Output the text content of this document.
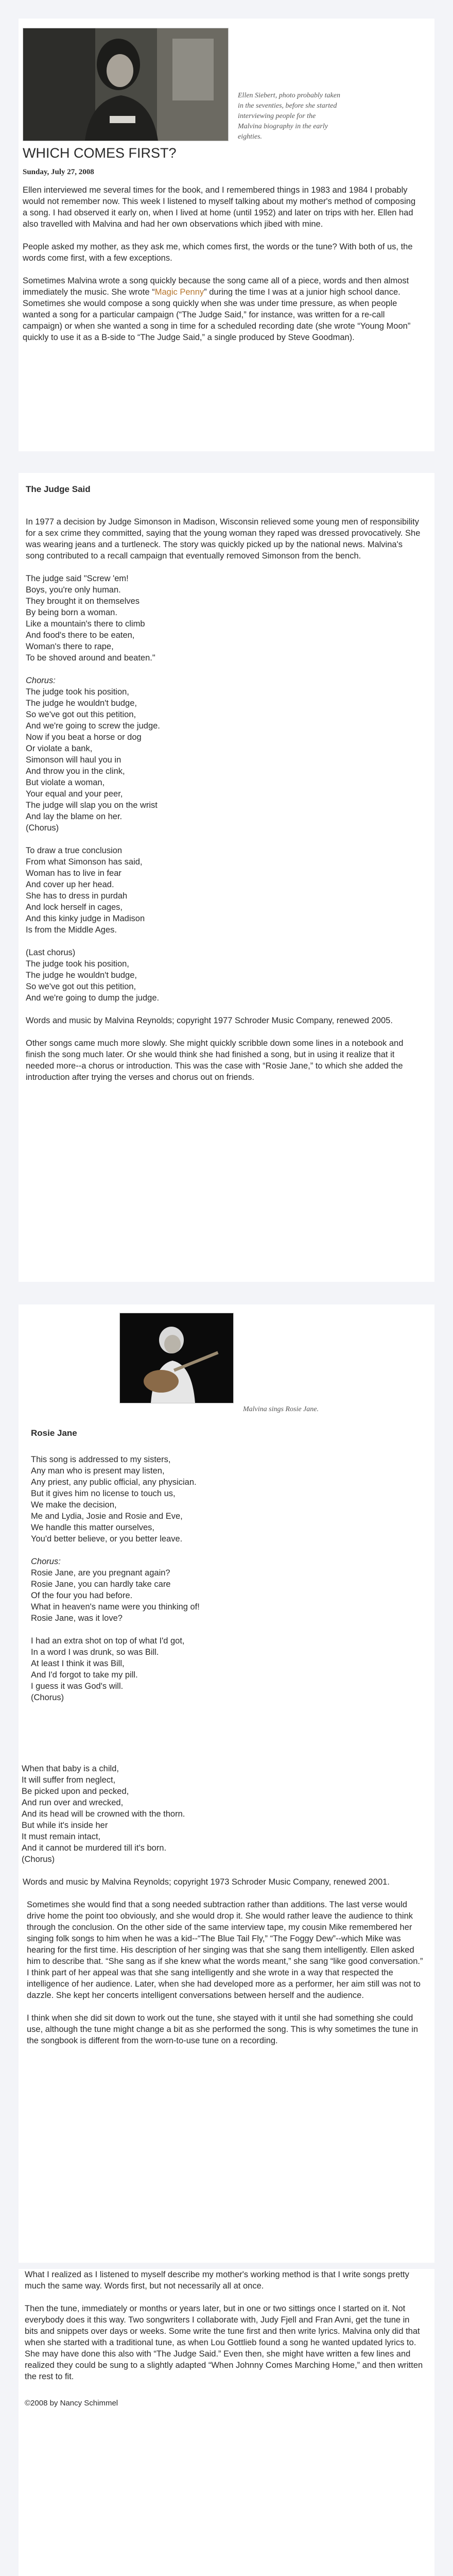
Ellen Siebert, photo probably taken in the seventies, before she started interviewing people for the Malvina biography in the early eighties.
WHICH COMES FIRST?
Sunday, July 27, 2008

Ellen interviewed me several times for the book, and I remembered things in 1983 and 1984 I probably would not remember now. This week I listened to myself talking about my mother's method of composing a song. I had observed it early on, when I lived at home (until 1952) and later on trips with her. Ellen had also travelled with Malvina and had her own observations which jibed with mine.

People asked my mother, as they ask me, which comes first, the words or the tune? With both of us, the words come first, with a few exceptions.

Sometimes Malvina wrote a song quickly because the song came all of a piece, words and then almost immediately the music. She wrote “Magic Penny” during the time I was at a junior high school dance. Sometimes she would compose a song quickly when she was under time pressure, as when people wanted a song for a particular campaign (“The Judge Said,” for instance, was written for a re-call campaign) or when she wanted a song in time for a scheduled recording date (she wrote “Young Moon” quickly to use it as a B-side to “The Judge Said,” a single produced by Steve Goodman).

The Judge Said

In 1977 a decision by Judge Simonson in Madison, Wisconsin relieved some young men of responsibility for a sex crime they committed, saying that the young woman they raped was dressed provocatively. She was wearing jeans and a turtleneck. The story was quickly picked up by the national news. Malvina's song contributed to a recall campaign that eventually removed Simonson from the bench.

The judge said "Screw 'em!
Boys, you're only human.
They brought it on themselves
By being born a woman.
Like a mountain's there to climb
And food's there to be eaten,
Woman's there to rape,
To be shoved around and beaten."
Chorus:
The judge took his position,
The judge he wouldn't budge,
So we've got out this petition,
And we're going to screw the judge.
Now if you beat a horse or dog
Or violate a bank,
Simonson will haul you in
And throw you in the clink,
But violate a woman,
Your equal and your peer,
The judge will slap you on the wrist
And lay the blame on her.
(Chorus)
To draw a true conclusion
From what Simonson has said,
Woman has to live in fear
And cover up her head.
She has to dress in purdah
And lock herself in cages,
And this kinky judge in Madison
Is from the Middle Ages.
(Last chorus)
The judge took his position,
The judge he wouldn't budge,
So we've got out this petition,
And we're going to dump the judge.

Words and music by Malvina Reynolds; copyright 1977 Schroder Music Company, renewed 2005.

Other songs came much more slowly. She might quickly scribble down some lines in a notebook and finish the song much later. Or she would think she had finished a song, but in using it realize that it needed more--a chorus or introduction. This was the case with “Rosie Jane,” to which she added the introduction after trying the verses and chorus out on friends.

Malvina sings Rosie Jane.
Rosie Jane
This song is addressed to my sisters,
Any man who is present may listen,
Any priest, any public official, any physician.
But it gives him no license to touch us,
We make the decision,
Me and Lydia, Josie and Rosie and Eve,
We handle this matter ourselves,
You'd better believe, or you better leave.
Chorus:
Rosie Jane, are you pregnant again?
Rosie Jane, you can hardly take care
Of the four you had before.
What in heaven's name were you thinking of!
Rosie Jane, was it love?
I had an extra shot on top of what I'd got,
In a word I was drunk, so was Bill.
At least I think it was Bill,
And I'd forgot to take my pill.
I guess it was God's will.
(Chorus)
When that baby is a child,
It will suffer from neglect,
Be picked upon and pecked,
And run over and wrecked,
And its head will be crowned with the thorn.
But while it's inside her
It must remain intact,
And it cannot be murdered till it's born.
(Chorus)

Words and music by Malvina Reynolds; copyright 1973 Schroder Music Company, renewed 2001.

Sometimes she would find that a song needed subtraction rather than additions. The last verse would drive home the point too obviously, and she would drop it. She would rather leave the audience to think through the conclusion. On the other side of the same interview tape, my cousin Mike remembered her singing folk songs to him when he was a kid--“The Blue Tail Fly,” “The Foggy Dew”--which Mike was hearing for the first time. His description of her singing was that she sang them intelligently. Ellen asked him to describe that. “She sang as if she knew what the words meant,” she sang “like good conversation.” I think part of her appeal was that she sang intelligently and she wrote in a way that respected the intelligence of her audience. Later, when she had developed more as a performer, her aim still was not to dazzle. She kept her concerts intelligent conversations between herself and the audience.

I think when she did sit down to work out the tune, she stayed with it until she had something she could use, although the tune might change a bit as she performed the song. This is why sometimes the tune in the songbook is different from the worn-to-use tune on a recording.

What I realized as I listened to myself describe my mother's working method is that I write songs pretty much the same way. Words first, but not necessarily all at once.

Then the tune, immediately or months or years later, but in one or two sittings once I started on it. Not everybody does it this way. Two songwriters I collaborate with, Judy Fjell and Fran Avni, get the tune in bits and snippets over days or weeks. Some write the tune first and then write lyrics. Malvina only did that when she started with a traditional tune, as when Lou Gottlieb found a song he wanted updated lyrics to. She may have done this also with “The Judge Said.” Even then, she might have written a few lines and realized they could be sung to a slightly adapted “When Johnny Comes Marching Home,” and then written the rest to fit.

©2008 by Nancy Schimmel
